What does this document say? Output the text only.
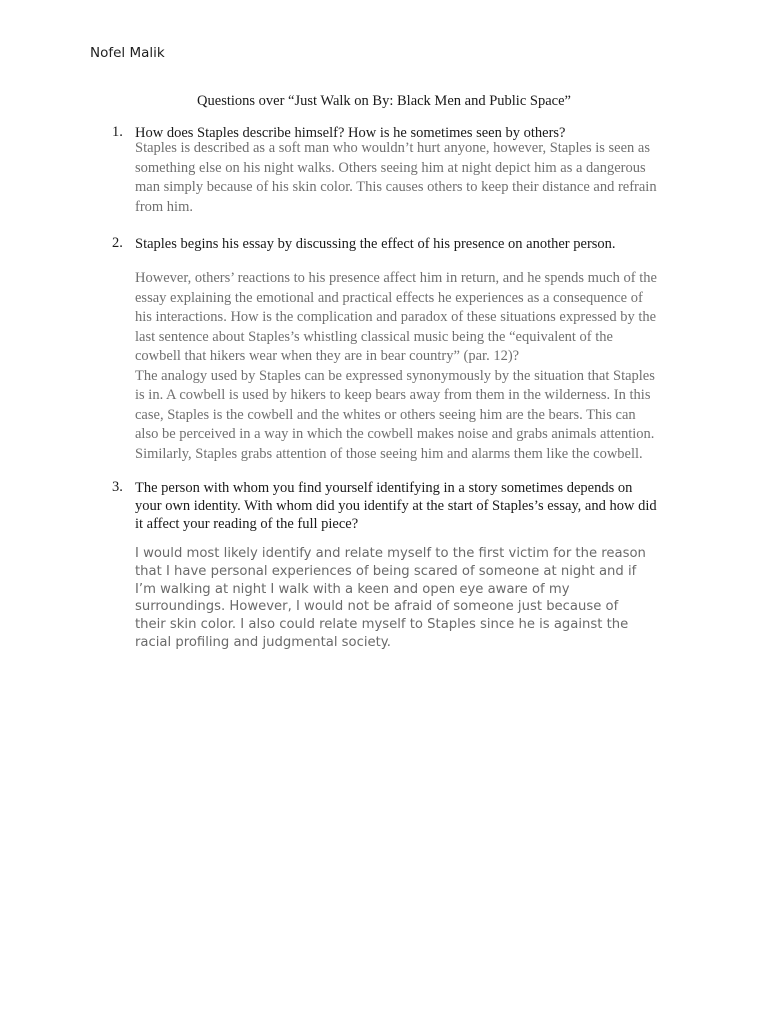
Nofel Malik
Questions over “Just Walk on By: Black Men and Public Space”
1. How does Staples describe himself? How is he sometimes seen by others?
Staples is described as a soft man who wouldn’t hurt anyone, however, Staples is seen as
something else on his night walks. Others seeing him at night depict him as a dangerous
man simply because of his skin color. This causes others to keep their distance and refrain
from him.
2. Staples begins his essay by discussing the effect of his presence on another person.
However, others’ reactions to his presence affect him in return, and he spends much of the
essay explaining the emotional and practical effects he experiences as a consequence of
his interactions. How is the complication and paradox of these situations expressed by the
last sentence about Staples’s whistling classical music being the “equivalent of the
cowbell that hikers wear when they are in bear country” (par. 12)?
The analogy used by Staples can be expressed synonymously by the situation that Staples
is in. A cowbell is used by hikers to keep bears away from them in the wilderness. In this
case, Staples is the cowbell and the whites or others seeing him are the bears. This can
also be perceived in a way in which the cowbell makes noise and grabs animals attention.
Similarly, Staples grabs attention of those seeing him and alarms them like the cowbell.
3. The person with whom you find yourself identifying in a story sometimes depends on
your own identity. With whom did you identify at the start of Staples’s essay, and how did
it affect your reading of the full piece?
I would most likely identify and relate myself to the first victim for the reason
that I have personal experiences of being scared of someone at night and if
I’m walking at night I walk with a keen and open eye aware of my
surroundings. However, I would not be afraid of someone just because of
their skin color. I also could relate myself to Staples since he is against the
racial profiling and judgmental society.
